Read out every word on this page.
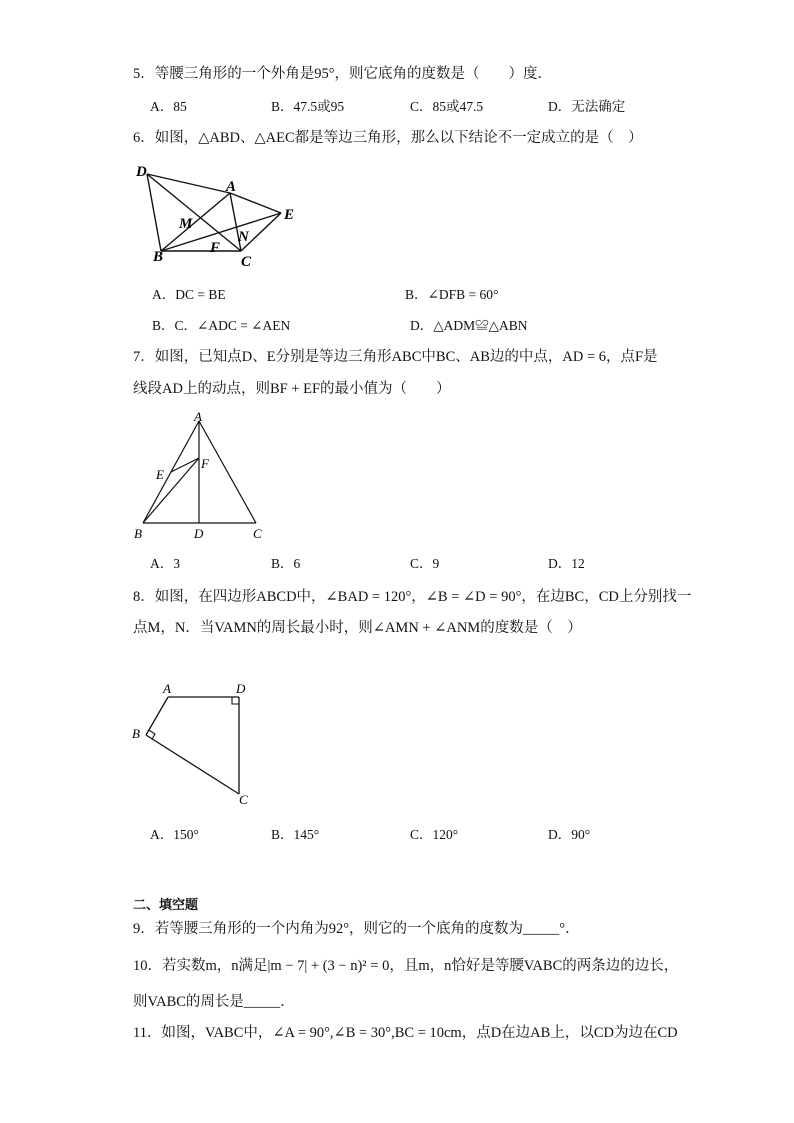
5．等腰三角形的一个外角是95°，则它底角的度数是（　　）度．
A．85	B．47.5或95	C．85或47.5	D．无法确定
6．如图，△ABD、△AEC都是等边三角形，那么以下结论不一定成立的是（　）
D
A
E
M
F
N
B	C
A．DC = BE	B．∠DFB = 60°
B．C．∠ADC = ∠AEN	D．△ADM≌△ABN
7．如图，已知点D、E分别是等边三角形ABC中BC、AB边的中点，AD = 6，点F是
线段AD上的动点，则BF + EF的最小值为（　　）
A
E
F
B	D	C
A．3	B．6	C．9	D．12
8．如图，在四边形ABCD中，∠BAD = 120°，∠B = ∠D = 90°，在边BC，CD上分别找一
点M，N．当VAMN的周长最小时，则∠AMN + ∠ANM的度数是（　）
A	D
B
C
A．150°	B．145°	C．120°	D．90°
二、填空题
9．若等腰三角形的一个内角为92°，则它的一个底角的度数为_____°．
10．若实数m，n满足|m − 7| + (3 − n)² = 0，且m，n恰好是等腰VABC的两条边的边长，
则VABC的周长是_____．
11．如图，VABC中，∠A = 90°,∠B = 30°,BC = 10cm，点D在边AB上，以CD为边在CD
